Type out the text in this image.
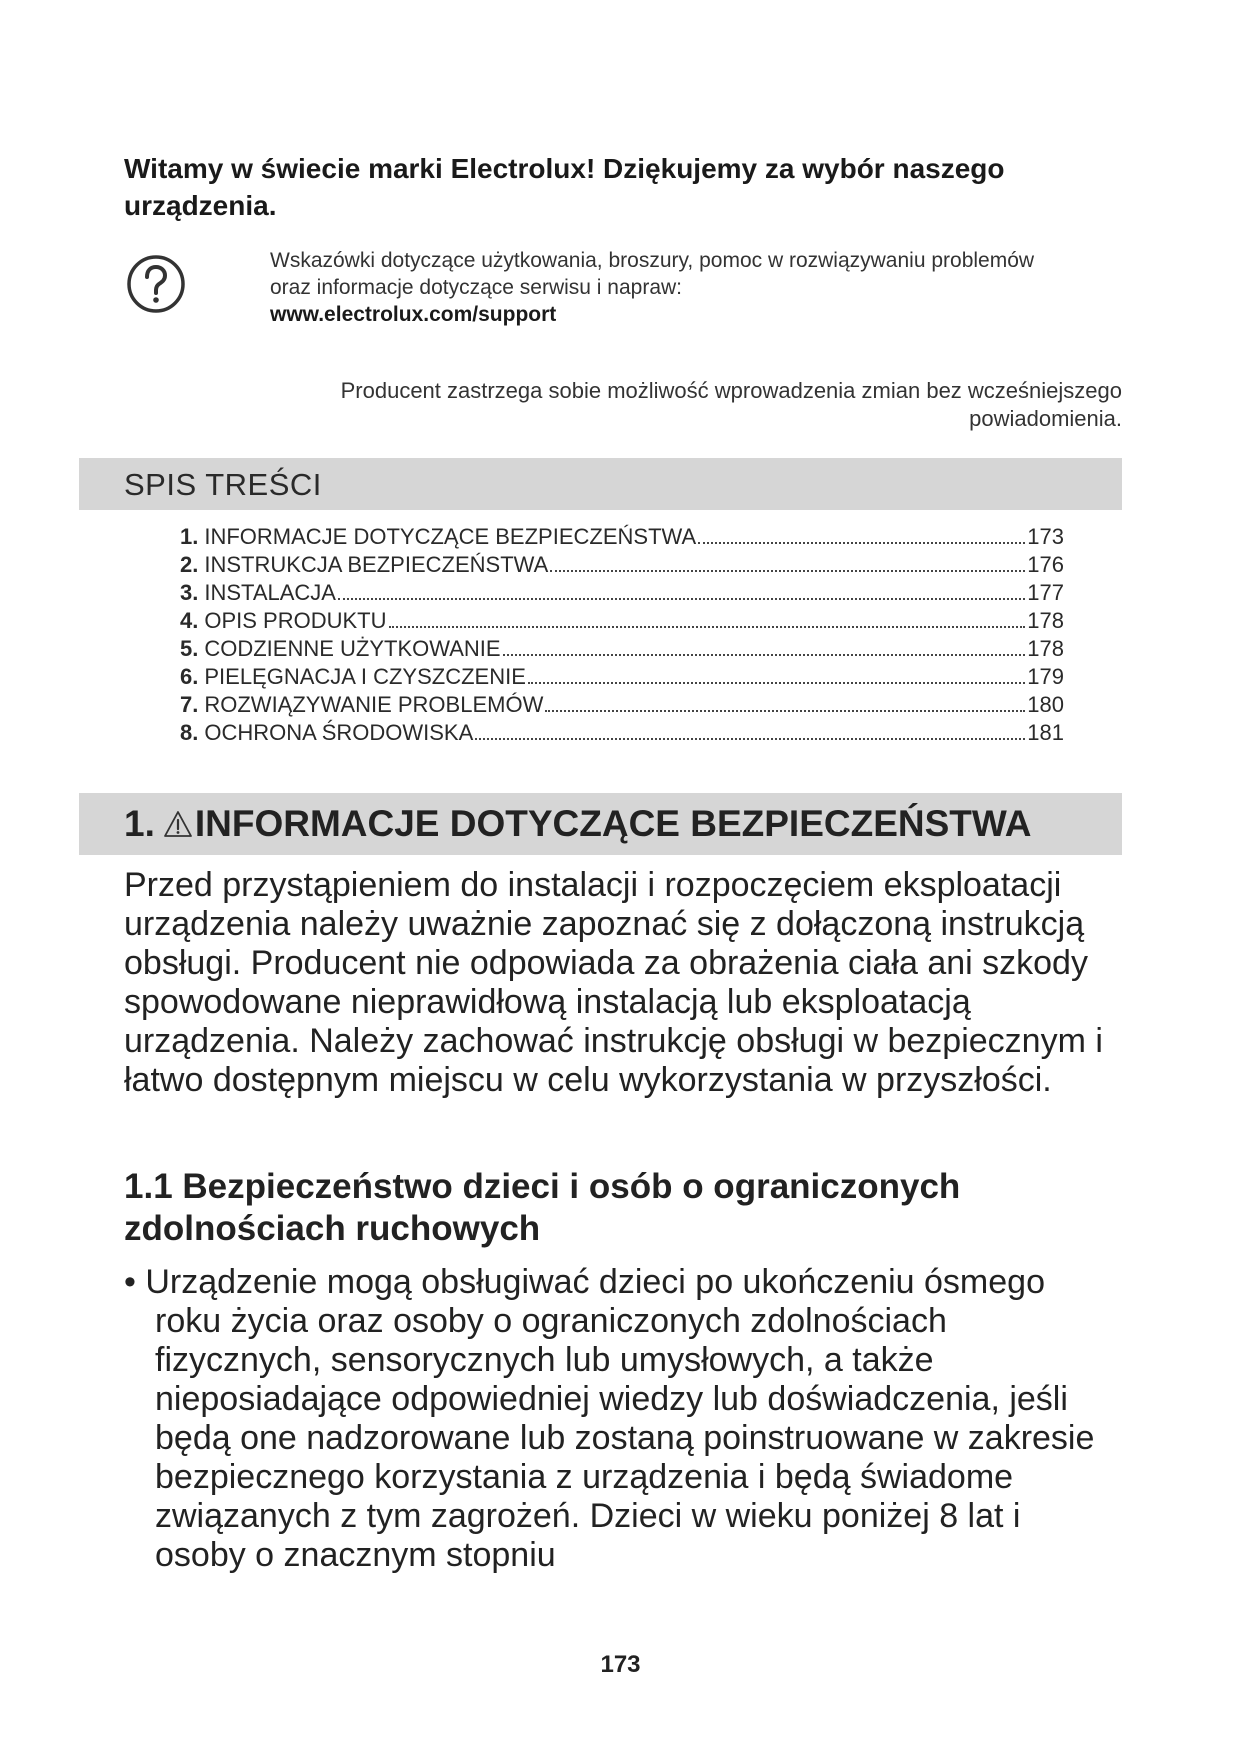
Witamy w świecie marki Electrolux! Dziękujemy za wybór naszego urządzenia.
Wskazówki dotyczące użytkowania, broszury, pomoc w rozwiązywaniu problemów
oraz informacje dotyczące serwisu i napraw:
www.electrolux.com/support
Producent zastrzega sobie możliwość wprowadzenia zmian bez wcześniejszego
powiadomienia.
SPIS TREŚCI
1. INFORMACJE DOTYCZĄCE BEZPIECZEŃSTWA	173
2. INSTRUKCJA BEZPIECZEŃSTWA	176
3. INSTALACJA	177
4. OPIS PRODUKTU	178
5. CODZIENNE UŻYTKOWANIE	178
6. PIELĘGNACJA I CZYSZCZENIE	179
7. ROZWIĄZYWANIE PROBLEMÓW	180
8. OCHRONA ŚRODOWISKA	181
1. INFORMACJE DOTYCZĄCE BEZPIECZEŃSTWA

Przed przystąpieniem do instalacji i rozpoczęciem eksploatacji urządzenia należy uważnie zapoznać się z dołączoną instrukcją obsługi. Producent nie odpowiada za obrażenia ciała ani szkody spowodowane nieprawidłową instalacją lub eksploatacją urządzenia. Należy zachować instrukcję obsługi w bezpiecznym i łatwo dostępnym miejscu w celu wykorzystania w przyszłości.

1.1 Bezpieczeństwo dzieci i osób o ograniczonych zdolnościach ruchowych

• Urządzenie mogą obsługiwać dzieci po ukończeniu ósmego roku życia oraz osoby o ograniczonych zdolnościach fizycznych, sensorycznych lub umysłowych, a także nieposiadające odpowiedniej wiedzy lub doświadczenia, jeśli będą one nadzorowane lub zostaną poinstruowane w zakresie bezpiecznego korzystania z urządzenia i będą świadome związanych z tym zagrożeń. Dzieci w wieku poniżej 8 lat i osoby o znacznym stopniu

173
